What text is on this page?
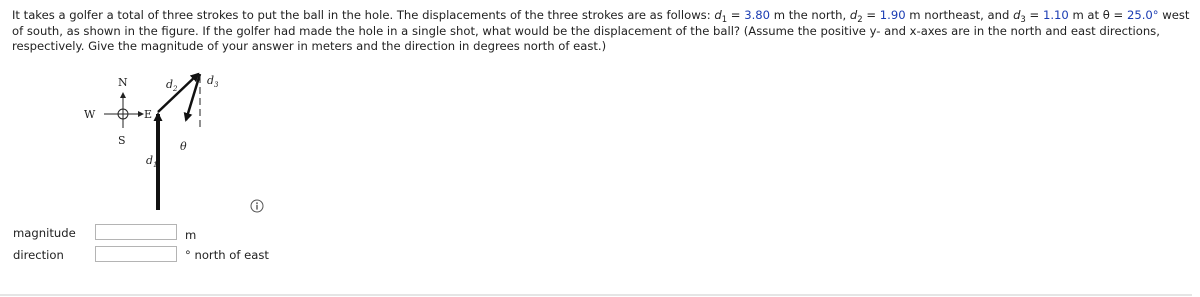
It takes a golfer a total of three strokes to put the ball in the hole. The displacements of the three strokes are as follows: $d_1 = 3.80$ m the north, $d_2 = 1.90$ m northeast, and $d_3 = 1.10$ m at θ = 25.0° west of south, as shown in the figure. If the golfer had made the hole in a single shot, what would be the displacement of the ball? (Assume the positive y- and x-axes are in the north and east directions, respectively. Give the magnitude of your answer in meters and the direction in degrees north of east.)
N
S
E
W
$d_2$
$d_3$
$d_1$
θ
magnitude	m
direction	° north of east
